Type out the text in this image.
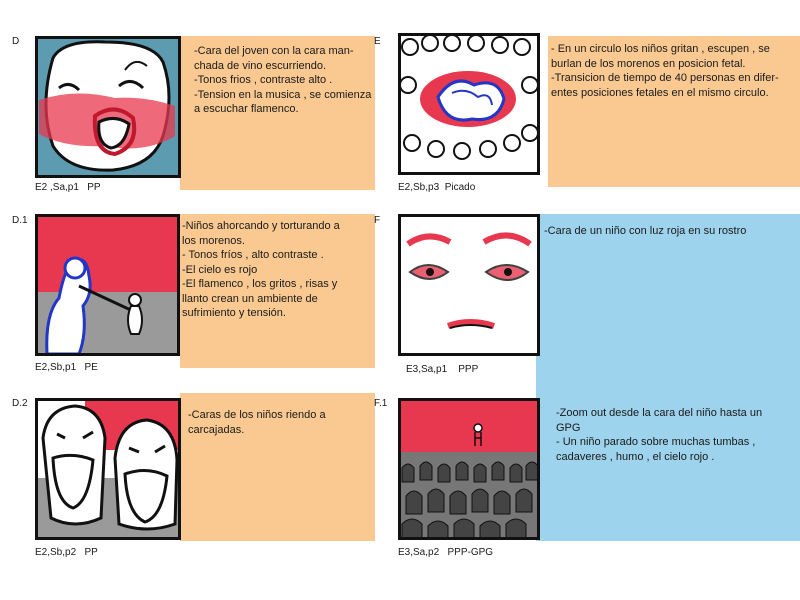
D
E2 ,Sa,p1   PP
-Cara del joven con la cara man-
chada de vino escurriendo.
-Tonos frios , contraste alto .
-Tension en la musica , se comienza
a escuchar flamenco.
E
E2,Sb,p3  Picado
- En un circulo los niños gritan , escupen , se
burlan de los morenos en posicion fetal.
-Transicion de tiempo de 40 personas en difer-
entes posiciones fetales en el mismo circulo.
D.1
E2,Sb,p1   PE
-Niños ahorcando y torturando a
los morenos.
- Tonos fríos , alto contraste .
-El cielo es rojo
-El flamenco , los gritos , risas y
llanto crean un ambiente de
sufrimiento y tensión.
F
E3,Sa,p1    PPP
-Cara de un niño con luz roja en su rostro
D.2
E2,Sb,p2   PP
-Caras de los niños riendo a
carcajadas.
F.1
E3,Sa,p2   PPP-GPG
-Zoom out desde la cara del niño hasta un
GPG
- Un niño parado sobre muchas tumbas ,
cadaveres , humo , el cielo rojo .
